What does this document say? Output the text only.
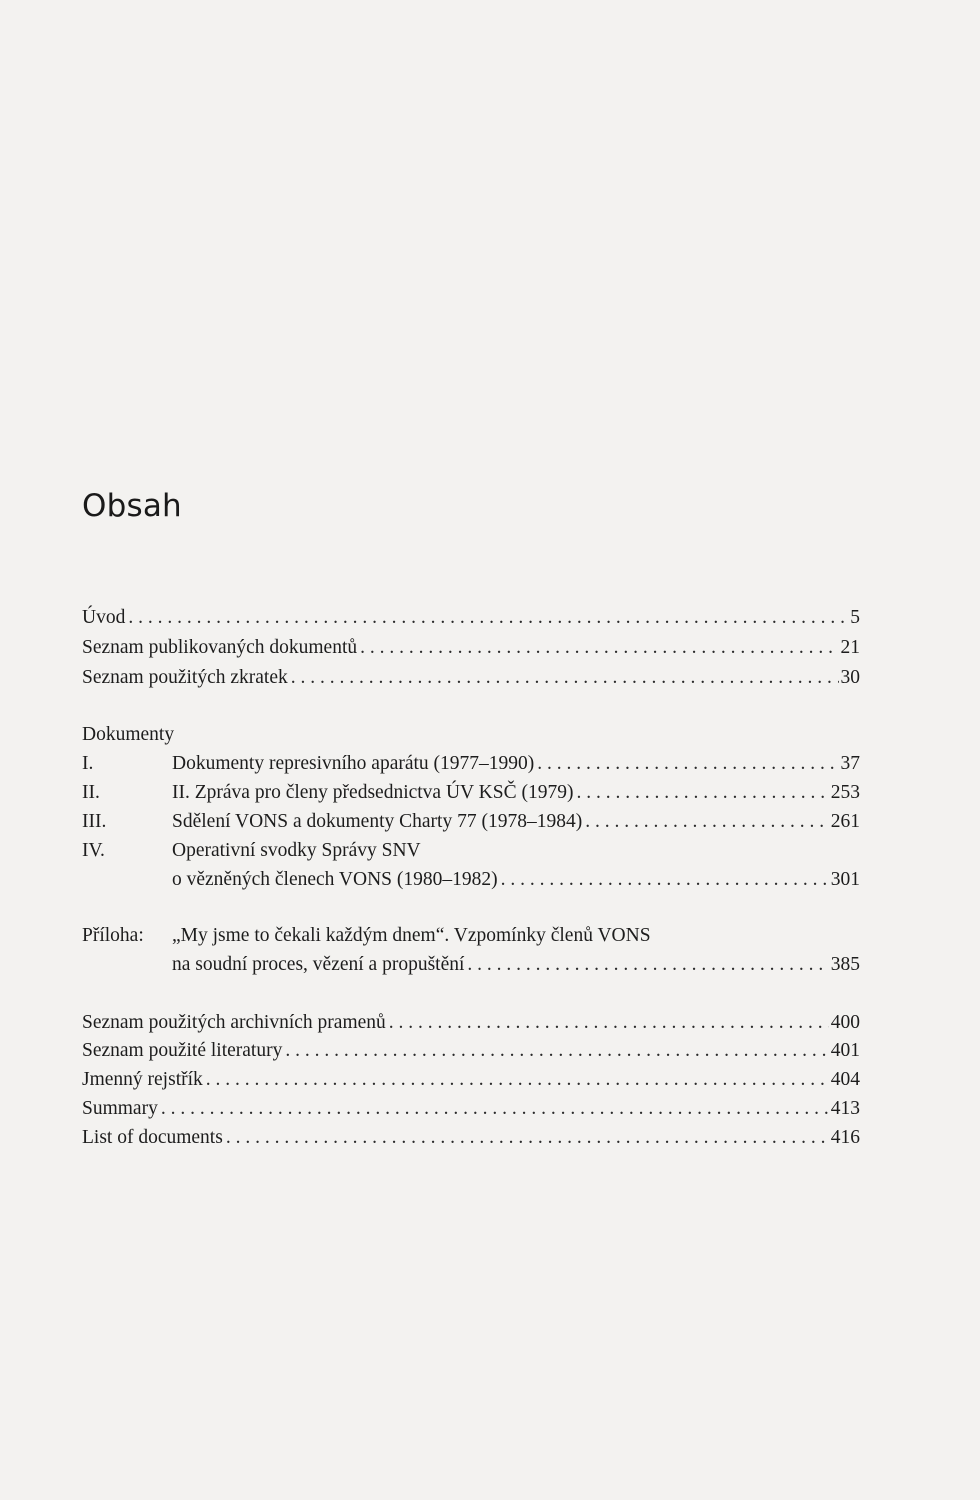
Obsah
Úvod . . .	5
Seznam publikovaných dokumentů . . .	21
Seznam použitých zkratek . . .	30
Dokumenty
I.	Dokumenty represivního aparátu (1977–1990) . . .	37
II.	II. Zpráva pro členy předsednictva ÚV KSČ (1979) . . .	253
III.	Sdělení VONS a dokumenty Charty 77 (1978–1984) . . .	261
IV.	Operativní svodky Správy SNV
o vězněných členech VONS (1980–1982) . . .	301
Příloha:	„My jsme to čekali každým dnem“. Vzpomínky členů VONS
na soudní proces, vězení a propuštění . . .	385
Seznam použitých archivních pramenů . . .	400
Seznam použité literatury . . .	401
Jmenný rejstřík . . .	404
Summary . . .	413
List of documents . . .	416
